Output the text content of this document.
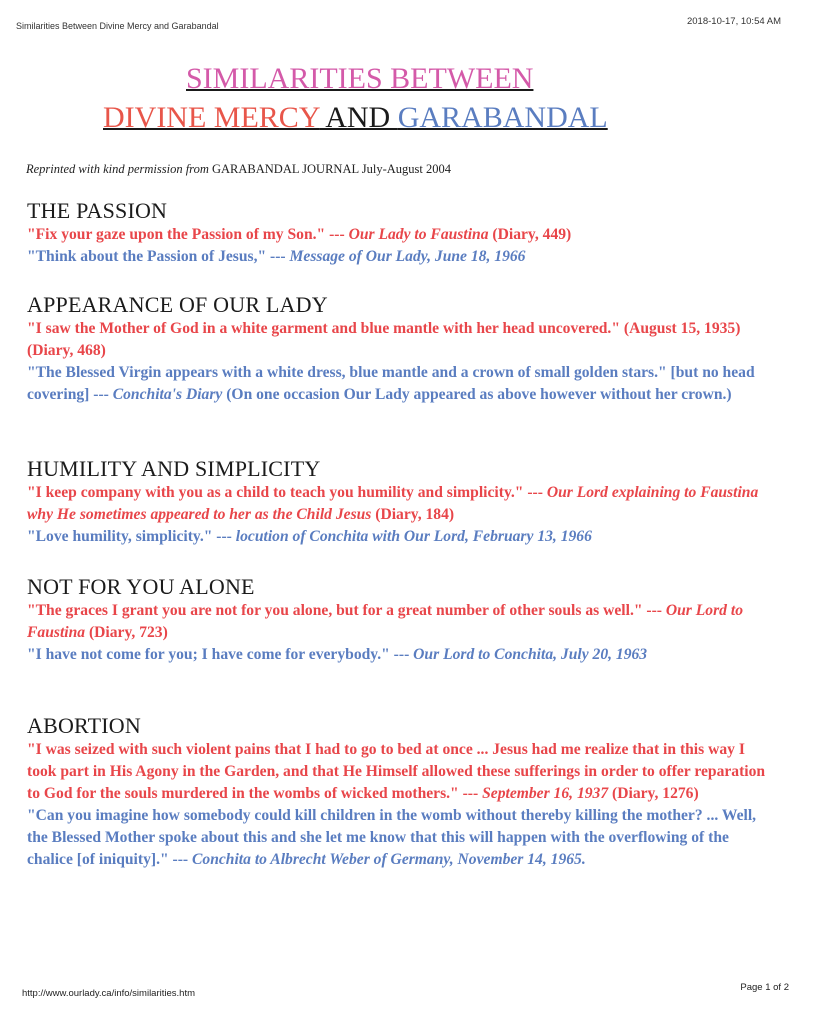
Similarities Between Divine Mercy and Garabandal	2018-10-17, 10:54 AM
SIMILARITIES BETWEEN
DIVINE MERCY AND GARABANDAL
Reprinted with kind permission from GARABANDAL JOURNAL July-August 2004
THE PASSION

"Fix your gaze upon the Passion of my Son." --- Our Lady to Faustina (Diary, 449)

"Think about the Passion of Jesus," --- Message of Our Lady, June 18, 1966

APPEARANCE OF OUR LADY

"I saw the Mother of God in a white garment and blue mantle with her head uncovered." (August 15, 1935) (Diary, 468)

"The Blessed Virgin appears with a white dress, blue mantle and a crown of small golden stars." [but no head covering] --- Conchita's Diary (On one occasion Our Lady appeared as above however without her crown.)

HUMILITY AND SIMPLICITY

"I keep company with you as a child to teach you humility and simplicity." --- Our Lord explaining to Faustina why He sometimes appeared to her as the Child Jesus (Diary, 184)

"Love humility, simplicity." --- locution of Conchita with Our Lord, February 13, 1966

NOT FOR YOU ALONE

"The graces I grant you are not for you alone, but for a great number of other souls as well." --- Our Lord to Faustina (Diary, 723)

"I have not come for you; I have come for everybody." --- Our Lord to Conchita, July 20, 1963

ABORTION

"I was seized with such violent pains that I had to go to bed at once ... Jesus had me realize that in this way I took part in His Agony in the Garden, and that He Himself allowed these sufferings in order to offer reparation to God for the souls murdered in the wombs of wicked mothers." --- September 16, 1937 (Diary, 1276)

"Can you imagine how somebody could kill children in the womb without thereby killing the mother? ... Well, the Blessed Mother spoke about this and she let me know that this will happen with the overflowing of the chalice [of iniquity]." --- Conchita to Albrecht Weber of Germany, November 14, 1965.

http://www.ourlady.ca/info/similarities.htm
Page 1 of 2
